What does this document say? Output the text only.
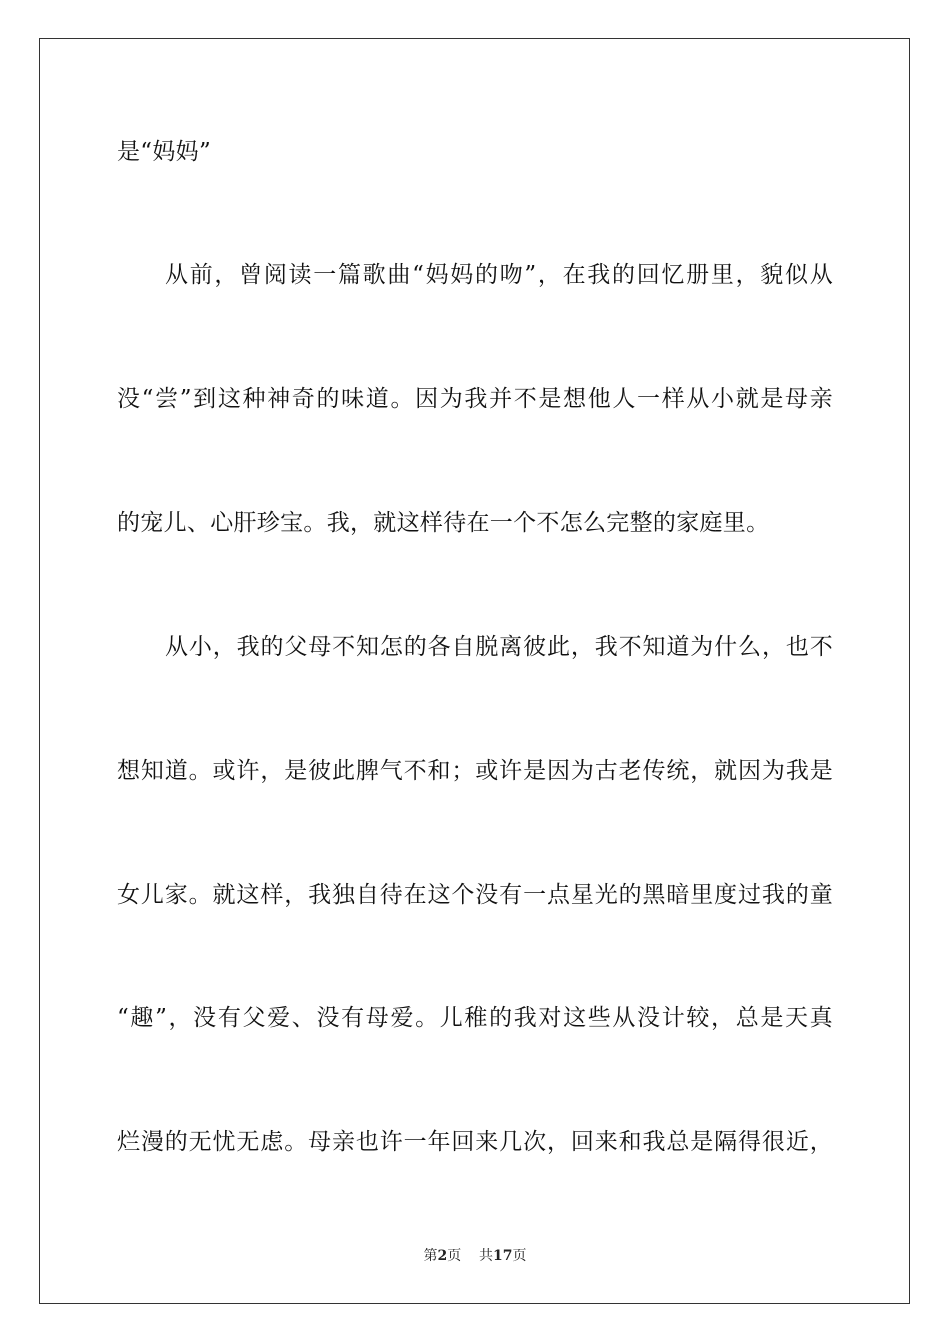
是“妈妈”
从前，曾阅读一篇歌曲“妈妈的吻”，在我的回忆册里，貌似从
没“尝”到这种神奇的味道。因为我并不是想他人一样从小就是母亲
的宠儿、心肝珍宝。我，就这样待在一个不怎么完整的家庭里。
从小，我的父母不知怎的各自脱离彼此，我不知道为什么，也不
想知道。或许，是彼此脾气不和；或许是因为古老传统，就因为我是
女儿家。就这样，我独自待在这个没有一点星光的黑暗里度过我的童
“趣”，没有父爱、没有母爱。儿稚的我对这些从没计较，总是天真
烂漫的无忧无虑。母亲也许一年回来几次，回来和我总是隔得很近，
第2页 共17页
